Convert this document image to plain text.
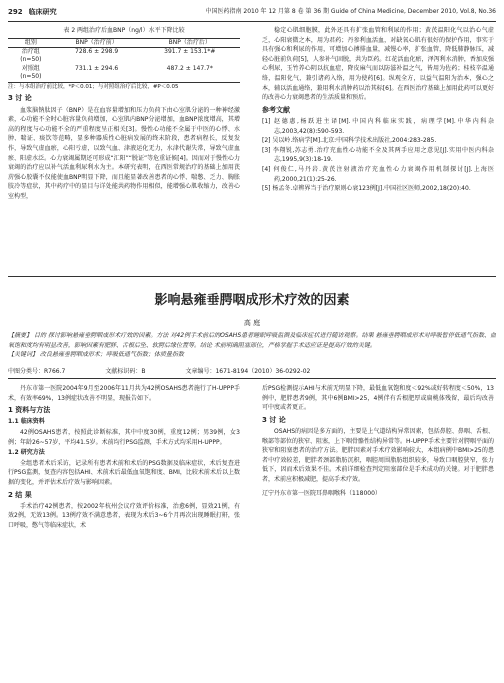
292 临床研究	中国医药指南 2010 年 12 月第 8 卷 第 36 期 Guide of China Medicine, December 2010, Vol.8, No.36
表 2 两组治疗后血BNP（ng/l）水平下降比较
组别	BNP（治疗前）	BNP（治疗后）
治疗组	728.6 ± 298.9	391.7 ± 153.1*#
(n=50)		
对照组	731.1 ± 294.6	487.2 ± 147.7*
(n=50)		

注：与本组治疗前比较，*P＜0.01；与对照组治疗后比较，#P＜0.05

3 讨 论

血浆脑钠肽因子（BNP）是在血容量增加和压力负荷下由心室肌分泌的一种神经激素，心功能不全时心脏容量负荷增加，心室肌内BNP分泌增加，血BNP浓度增高，其增高的程度与心功能不全的严重程度呈正相关[3]。慢性心功能不全属于中医的心悸、水肿、喘证、痰饮等范畴，显多种器质性心脏病发展的终末阶段，患者病程长，反复发作，导致气虚血瘀，心阳亏虚，以致气血、津液运化无力，水津代谢失常，导致气虚血瘀、阳虚水泛。心力衰竭属期还可形成“汇阳”“脱证”等危重证候[4]。因而对于慢性心力衰竭的治疗应以补气活血利尿利水为主。本研究表明，在西医常规治疗的基础上加用芪苈强心胶囊不仅能使血BNP明显下降，而且能显著改善患者的心悸、喘憋、乏力、胸胀肢冷等症状，其中药疗中的显目与详处能共药物作用相似，能增强心肌收缩力，改善心室构型，

稳定心肌细胞膜，此外还具有扩张血管和利尿的作用；黄芪温阳化气以治心气虚乏，心阳衰微之本，用为君药；丹参利血活血，对缺氧心肌有很好的保护作用，事实于具有强心和利尿的作用，可增加心搏排血量，减慢心率，扩张血管，降低肺静脉压，减轻心脏前负荷[5]，人参补气固脱，共为臣药。红花活血化瘀，泽泻利水消肿，香加皮强心利尿，玉竹养心阴以抗血症，降皮麻气而以防滋补温之气，皆用为佐药；桂枝辛温通络，温阳化气，兼引诸药入络，用为使药[6]。纵观全方，以益气温阳为治本，强心之本，辅以活血通络，兼用利水消肿药以治其标[6]。在西医治疗基础上加用此药可以更好的改善心力衰竭患者的生活质量和预后。

参考文献

[1] 赵德惠,杨跃进主译[M].中国内科临床实践，病理学[M].中华内科杂志,2003,42(8):590-593.

[2] 吴以岭.络病学[M].北京:中国科学技术出版社,2004:283-285.

[3] 李翔锐,苏志勇.治疗充血性心功能不全及其两手应用之意见[J].实用中医内科杂志,1995,9(3):18-19.

[4] 何俊仁,马丹岩.黄芪注射液治疗充血性心力衰竭作用机制探讨[J].上海医药,2000,21(1):25-26.

[5] 杨孟冬.卓辨界当于治疗原则心衰123例[J].中国社区医师,2002,18(20):40.

影响悬雍垂腭咽成形术疗效的因素
高 庭

【摘要】 目的 探讨影响悬雍垂腭咽成形术疗效的因素。方法 对42例手术前后的OSAHS患者睡眠呼吸监测及临床症状进行随访观察。结果 悬雍垂腭咽成形术对呼吸暂停低通气指数、血氧饱和度均有明显改善，影响因素有肥胖、舌根后坠、软腭后缘位置等。结论 术前明确阻塞部位，严格掌握手术适应证是提高疗效的关键。

【关键词】 改良悬雍垂腭咽成形术；呼吸低通气指数；体质量指数

中图分类号：R766.7	文献标识码：B	文章编号：1671-8194（2010）36-0292-02

丹东市第一医院2004年9月至2006年11月共为42例OSAHS患者施行了H-UPPP手术，有效率69%，13例症状改善不明显，现报告如下。

1 资料与方法
1.1 临床资料

42例OSAHS患者，按照此诊断标准，其中中度30例，重度12例；男39例，女3例；年龄26~57岁，平均41.5岁。术前均行PSG监测，手术方式均采用H-UPPP。

1.2 研究方法

全组患者术后采访，记录所有患者术前和术后的PSG数据及临床症状，术后复查进行PSG监测，复查内容包括AHI、术前术后最低血氧饱和度、BMI，比较术前术后以上数据的变化，并评估术后疗效与影响因素。

2 结 果

手术治疗42例患者，按2002年杭州会议疗效评价标准，治愈6例，显效21例，有效2例，无效13例。13例疗效不满意患者，表现为术后3~6个月再次出现睡眠打鼾，张口呼吸，憋气等临床症状，术

后PSG检测提示AHI与术前无明显下降，最低血氧饱和度＜92%或好转程度＜50%，13例中，肥胖患者9例，其中6例BMI>25，4例伴有舌根肥厚或扁桃体残留，最后均改善可中度或者更正。

3 讨 论

OSAHS的病因是多方面的，主要是上气道结构异常因素，包括鼻腔、鼻咽、舌根、喉部等部位的狭窄、阻塞，上下咽骨骼性结构异常等。H-UPPP手术主要针对腭咽平面的狭窄和阻塞患者的治疗方法。肥胖因素对手术疗效影响较大，本组病例中BMI>25的患者中疗效较差，肥胖者颈部脂肪沉积，咽腔周围脂肪组织较多，导致口咽腔狭窄，张力低下，因而术后效果不佳。术前详细检查判定阻塞部位是手术成功的关键。对于肥胖患者，术前应积极减肥，提高手术疗效。

辽宁丹东市第一医院耳鼻咽喉科（118000）
